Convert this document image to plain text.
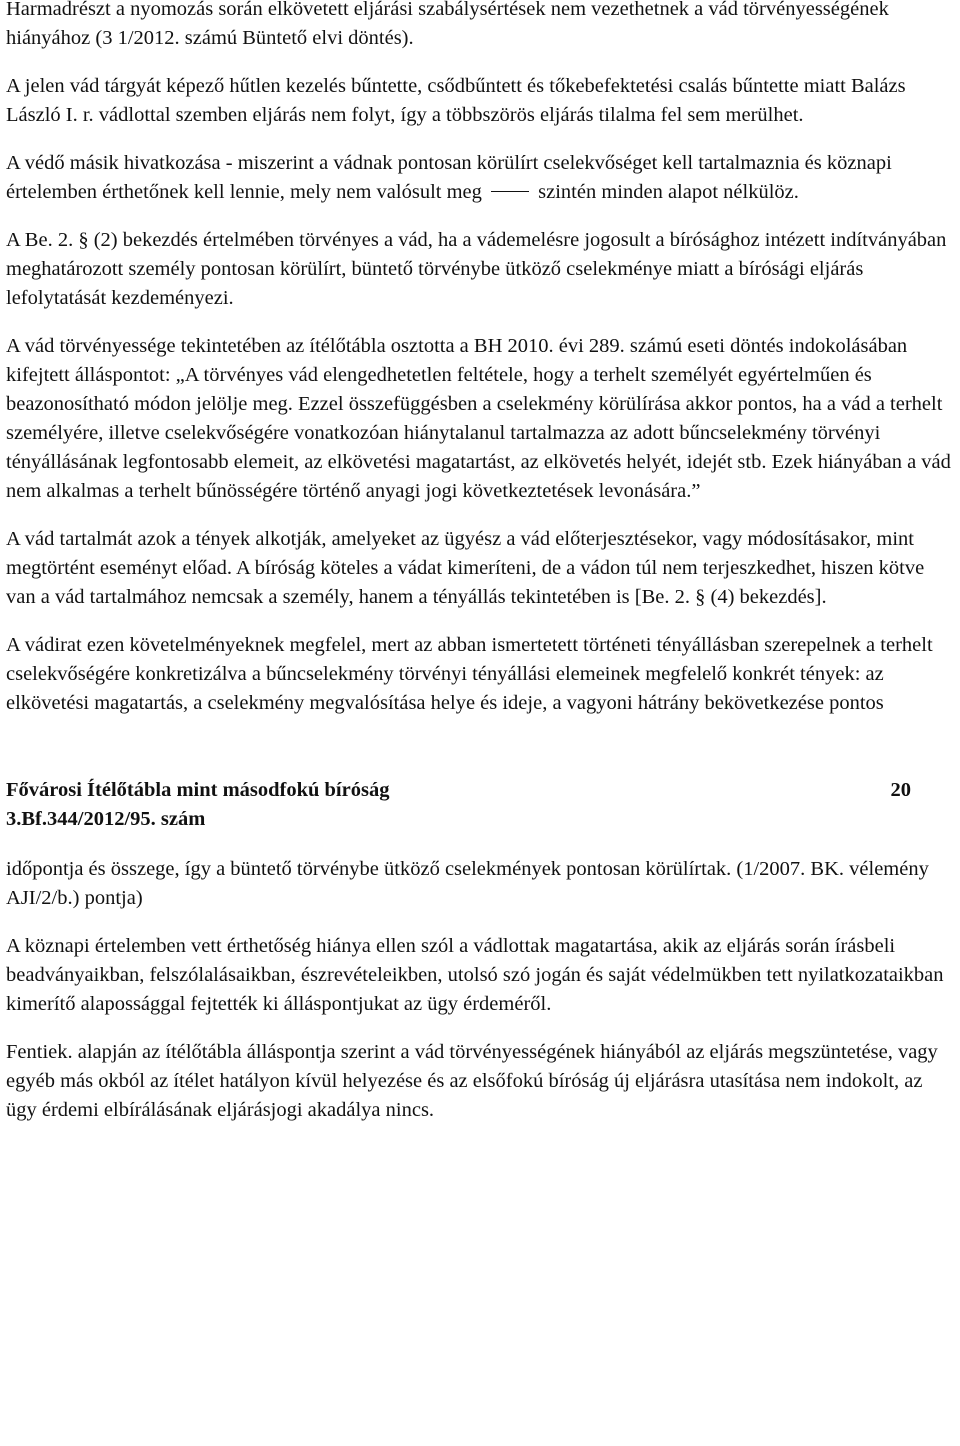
Harmadrészt a nyomozás során elkövetett eljárási szabálysértések nem vezethetnek a vád törvényességének hiányához (3 1/2012. számú Büntető elvi döntés).

A jelen vád tárgyát képező hűtlen kezelés bűntette, csődbűntett és tőkebefektetési csalás bűntette miatt Balázs László I. r. vádlottal szemben eljárás nem folyt, így a többszörös eljárás tilalma fel sem merülhet.

A védő másik hivatkozása - miszerint a vádnak pontosan körülírt cselekvőséget kell tartalmaznia és köznapi értelemben érthetőnek kell lennie, mely nem valósult meg	szintén minden alapot nélkülöz.

A Be. 2. § (2) bekezdés értelmében törvényes a vád, ha a vádemelésre jogosult a bírósághoz intézett indítványában meghatározott személy pontosan körülírt, büntető törvénybe ütköző cselekménye miatt a bírósági eljárás lefolytatását kezdeményezi.

A vád törvényessége tekintetében az ítélőtábla osztotta a BH 2010. évi 289. számú eseti döntés indokolásában kifejtett álláspontot: „A törvényes vád elengedhetetlen feltétele, hogy a terhelt személyét egyértelműen és beazonosítható módon jelölje meg. Ezzel összefüggésben a cselekmény körülírása akkor pontos, ha a vád a terhelt személyére, illetve cselekvőségére vonatkozóan hiánytalanul tartalmazza az adott bűncselekmény törvényi tényállásának legfontosabb elemeit, az elkövetési magatartást, az elkövetés helyét, idejét stb. Ezek hiányában a vád nem alkalmas a terhelt bűnösségére történő anyagi jogi következtetések levonására.”

A vád tartalmát azok a tények alkotják, amelyeket az ügyész a vád előterjesztésekor, vagy módosításakor, mint megtörtént eseményt előad. A bíróság köteles a vádat kimeríteni, de a vádon túl nem terjeszkedhet, hiszen kötve van a vád tartalmához nemcsak a személy, hanem a tényállás tekintetében is [Be. 2. § (4) bekezdés].

A vádirat ezen követelményeknek megfelel, mert az abban ismertetett történeti tényállásban szerepelnek a terhelt cselekvőségére konkretizálva a bűncselekmény törvényi tényállási elemeinek megfelelő konkrét tények: az elkövetési magatartás, a cselekmény megvalósítása helye és ideje, a vagyoni hátrány bekövetkezése pontos

Fővárosi Ítélőtábla mint másodfokú bíróság	20
3.Bf.344/2012/95. szám

időpontja és összege, így a büntető törvénybe ütköző cselekmények pontosan körülírtak. (1/2007. BK. vélemény AJI/2/b.) pontja)

A köznapi értelemben vett érthetőség hiánya ellen szól a vádlottak magatartása, akik az eljárás során írásbeli beadványaikban, felszólalásaikban, észrevételeikben, utolsó szó jogán és saját védelmükben tett nyilatkozataikban kimerítő alapossággal fejtették ki álláspontjukat az ügy érdeméről.

Fentiek. alapján az ítélőtábla álláspontja szerint a vád törvényességének hiányából az eljárás megszüntetése, vagy egyéb más okból az ítélet hatályon kívül helyezése és az elsőfokú bíróság új eljárásra utasítása nem indokolt, az ügy érdemi elbírálásának eljárásjogi akadálya nincs.
